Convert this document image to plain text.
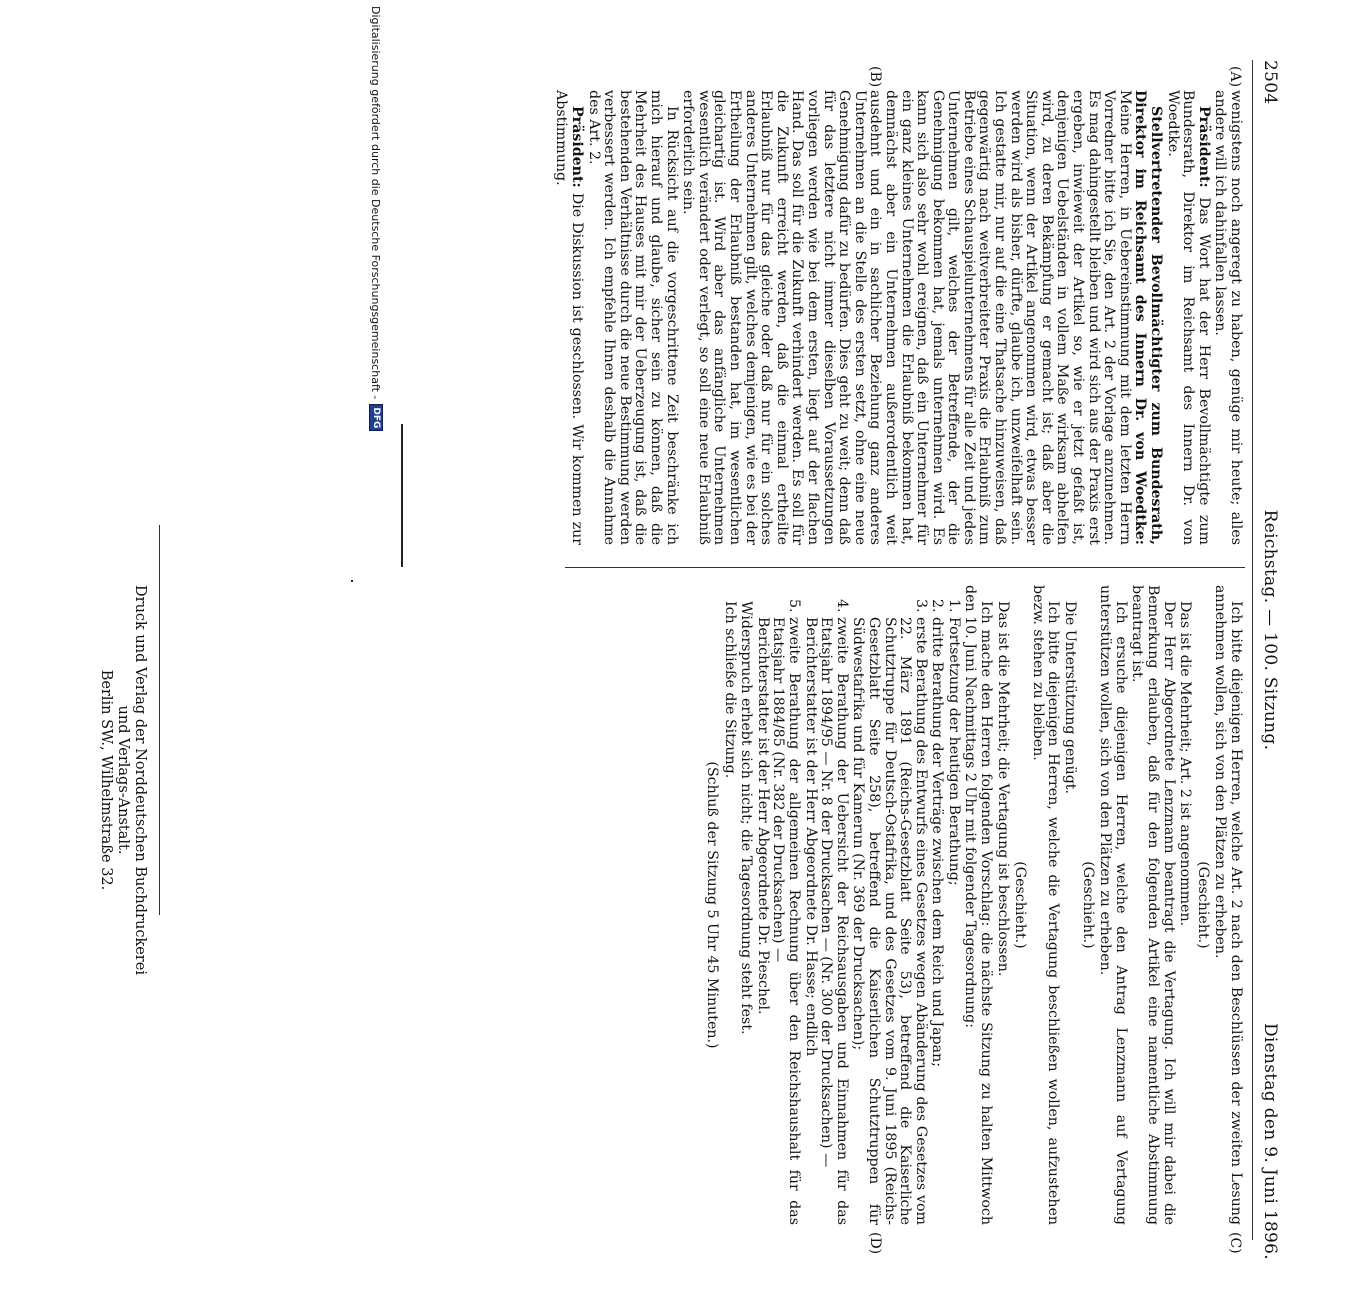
2504
Reichstag. — 100. Sitzung.
Dienstag den 9. Juni 1896.
(A)
(B)
(C)
(D)

wenigstens noch angeregt zu haben, genüge mir heute; alles andere will ich dahinfallen lassen.

Präsident: Das Wort hat der Herr Bevollmächtigte zum Bundesrath, Direktor im Reichsamt des Innern Dr. von Woedtke.

Stellvertretender Bevollmächtigter zum Bundesrath, Direktor im Reichsamt des Innern Dr. von Woedtke: Meine Herren, in Uebereinstimmung mit dem letzten Herrn Vorredner bitte ich Sie, den Art. 2 der Vorlage anzunehmen. Es mag dahingestellt bleiben und wird sich aus der Praxis erst ergeben, inwieweit der Artikel so, wie er jetzt gefaßt ist, denjenigen Uebelständen in vollem Maße wirksam abhelfen wird, zu deren Bekämpfung er gemacht ist; daß aber die Situation, wenn der Artikel angenommen wird, etwas besser werden wird als bisher, dürfte, glaube ich, unzweifelhaft sein. Ich gestatte mir, nur auf die eine Thatsache hinzuweisen, daß gegenwärtig nach weitverbreiteter Praxis die Erlaubniß zum Betriebe eines Schauspielunternehmens für alle Zeit und jedes Unternehmen gilt, welches der Betreffende, der die Genehmigung bekommen hat, jemals unternehmen wird. Es kann sich also sehr wohl ereignen, daß ein Unternehmer für ein ganz kleines Unternehmen die Erlaubniß bekommen hat, demnächst aber ein Unternehmen außerordentlich weit ausdehnt und ein in sachlicher Beziehung ganz anderes Unternehmen an die Stelle des ersten setzt, ohne eine neue Genehmigung dafür zu bedürfen. Dies geht zu weit; denn daß für das letztere nicht immer dieselben Voraussetzungen vorliegen werden wie bei dem ersten, liegt auf der flachen Hand. Das soll für die Zukunft verhindert werden. Es soll für die Zukunft erreicht werden, daß die einmal ertheilte Erlaubniß nur für das gleiche oder daß nur für ein solches anderes Unternehmen gilt, welches demjenigen, wie es bei der Ertheilung der Erlaubniß bestanden hat, im wesentlichen gleichartig ist. Wird aber das anfängliche Unternehmen wesentlich verändert oder verlegt, so soll eine neue Erlaubniß erforderlich sein.

In Rücksicht auf die vorgeschrittene Zeit beschränke ich mich hierauf und glaube, sicher sein zu können, daß die Mehrheit des Hauses mit mir der Ueberzeugung ist, daß die bestehenden Verhältnisse durch die neue Bestimmung werden verbessert werden. Ich empfehle Ihnen deshalb die Annahme des Art. 2.

Präsident: Die Diskussion ist geschlossen. Wir kommen zur Abstimmung.

Ich bitte diejenigen Herren, welche Art. 2 nach den Beschlüssen der zweiten Lesung annehmen wollen, sich von den Plätzen zu erheben.

(Geschieht.)

Das ist die Mehrheit; Art. 2 ist angenommen.

Der Herr Abgeordnete Lenzmann beantragt die Vertagung. Ich will mir dabei die Bemerkung erlauben, daß für den folgenden Artikel eine namentliche Abstimmung beantragt ist.

Ich ersuche diejenigen Herren, welche den Antrag Lenzmann auf Vertagung unterstützen wollen, sich von den Plätzen zu erheben.

(Geschieht.)

Die Unterstützung genügt.

Ich bitte diejenigen Herren, welche die Vertagung beschließen wollen, aufzustehen bezw. stehen zu bleiben.

(Geschieht.)

Das ist die Mehrheit; die Vertagung ist beschlossen.

Ich mache den Herren folgenden Vorschlag: die nächste Sitzung zu halten Mittwoch den 10. Juni Nachmittags 2 Uhr mit folgender Tagesordnung:

1. Fortsetzung der heutigen Berathung;
2. dritte Berathung der Verträge zwischen dem Reich und Japan;
3. erste Berathung des Entwurfs eines Gesetzes wegen Abänderung des Gesetzes vom 22. März 1891 (Reichs-Gesetzblatt Seite 53), betreffend die Kaiserliche Schutztruppe für Deutsch-Ostafrika, und des Gesetzes vom 9. Juni 1895 (Reichs-Gesetzblatt Seite 258), betreffend die Kaiserlichen Schutztruppen für Südwestafrika und für Kamerun (Nr. 369 der Drucksachen);
4. zweite Berathung der Uebersicht der Reichsausgaben und Einnahmen für das Etatsjahr 1894/95 — Nr. 8 der Drucksachen — (Nr. 300 der Drucksachen) —
Berichterstatter ist der Herr Abgeordnete Dr. Hasse; endlich
5. zweite Berathung der allgemeinen Rechnung über den Reichshaushalt für das Etatsjahr 1884/85 (Nr. 382 der Drucksachen) —
Berichterstatter ist der Herr Abgeordnete Dr. Pieschel.

Widerspruch erhebt sich nicht; die Tagesordnung steht fest.

Ich schließe die Sitzung.

(Schluß der Sitzung 5 Uhr 45 Minuten.)

Druck und Verlag der Norddeutschen Buchdruckerei und Verlags-Anstalt.
Berlin SW., Wilhelmstraße 32.
Digitalisierung gefördert durch die Deutsche Forschungsgemeinschaft -
DFG
